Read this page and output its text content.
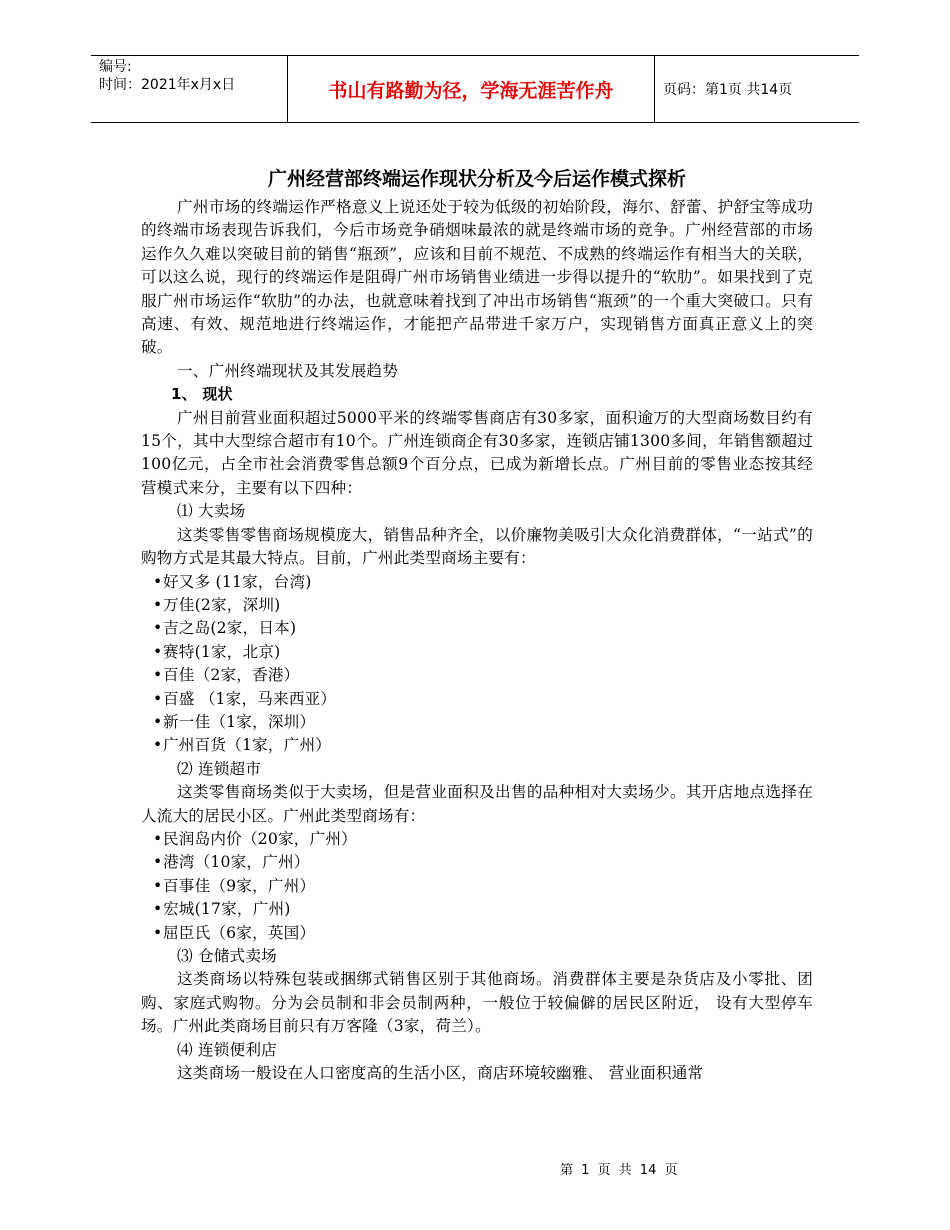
编号:
时间：2021年x月x日	书山有路勤为径，学海无涯苦作舟	页码：第1页 共14页
广州经营部终端运作现状分析及今后运作模式探析

广州市场的终端运作严格意义上说还处于较为低级的初始阶段，海尔、舒蕾、护舒宝等成功的终端市场表现告诉我们，今后市场竞争硝烟味最浓的就是终端市场的竞争。广州经营部的市场运作久久难以突破目前的销售“瓶颈”，应该和目前不规范、不成熟的终端运作有相当大的关联，可以这么说，现行的终端运作是阻碍广州市场销售业绩进一步得以提升的“软肋”。如果找到了克服广州市场运作“软肋”的办法，也就意味着找到了冲出市场销售“瓶颈”的一个重大突破口。只有高速、有效、规范地进行终端运作，才能把产品带进千家万户，实现销售方面真正意义上的突破。

一、广州终端现状及其发展趋势

1、 现状

广州目前营业面积超过5000平米的终端零售商店有30多家，面积逾万的大型商场数目约有15个，其中大型综合超市有10个。广州连锁商企有30多家，连锁店铺1300多间，年销售额超过100亿元，占全市社会消费零售总额9个百分点，已成为新增长点。广州目前的零售业态按其经营模式来分，主要有以下四种：

⑴ 大卖场

这类零售零售商场规模庞大，销售品种齐全，以价廉物美吸引大众化消费群体，“一站式”的购物方式是其最大特点。目前，广州此类型商场主要有：

• 好又多 (11家，台湾)

• 万佳(2家，深圳)

• 吉之岛(2家，日本)

• 赛特(1家，北京)

• 百佳（2家，香港）

• 百盛 （1家，马来西亚）

• 新一佳（1家，深圳）

• 广州百货（1家，广州）

⑵ 连锁超市

这类零售商场类似于大卖场，但是营业面积及出售的品种相对大卖场少。其开店地点选择在人流大的居民小区。广州此类型商场有：

• 民润岛内价（20家，广州）

• 港湾（10家，广州）

• 百事佳（9家，广州）

• 宏城(17家，广州)

• 屈臣氏（6家，英国）

⑶ 仓储式卖场

这类商场以特殊包装或捆绑式销售区别于其他商场。消费群体主要是杂货店及小零批、团购、家庭式购物。分为会员制和非会员制两种，一般位于较偏僻的居民区附近， 设有大型停车场。广州此类商场目前只有万客隆（3家，荷兰）。

⑷ 连锁便利店

这类商场一般设在人口密度高的生活小区，商店环境较幽雅、 营业面积通常

第 1 页 共 14 页
